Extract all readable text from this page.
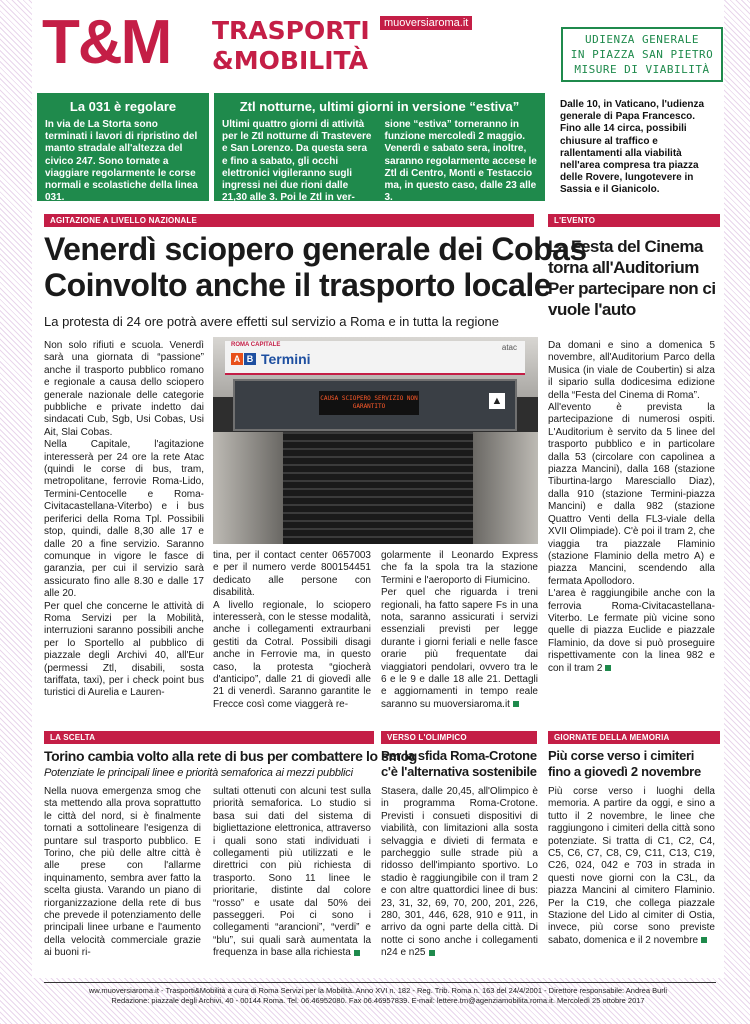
T&M TRASPORTI
&MOBILITÀ
muoversiaroma.it
UDIENZA GENERALE
IN PIAZZA SAN PIETRO
MISURE DI VIABILITÀ
La 031 è regolare
In via de La Storta sono terminati i lavori di ripristino del manto stradale all'altezza del civico 247. Sono tornate a viaggiare regolarmente le corse normali e scolastiche della linea 031.
Ztl notturne, ultimi giorni in versione “estiva”
Ultimi quattro giorni di attività per le Ztl notturne di Trastevere e San Lorenzo. Da questa sera e fino a sabato, gli occhi elettronici vigileranno sugli ingressi nei due rioni dalle 21,30 alle 3. Poi le Ztl in ver-
sione “estiva” torneranno in funzione mercoledì 2 maggio. Venerdì e sabato sera, inoltre, saranno regolarmente accese le Ztl di Centro, Monti e Testaccio ma, in questo caso, dalle 23 alle 3.
Dalle 10, in Vaticano, l'udienza generale di Papa Francesco. Fino alle 14 circa, possibili chiusure al traffico e rallentamenti alla viabilità nell'area compresa tra piazza delle Rovere, lungotevere in Sassia e il Gianicolo.
AGITAZIONE A LIVELLO NAZIONALE
Venerdì sciopero generale dei Cobas
Coinvolto anche il trasporto locale
La protesta di 24 ore potrà avere effetti sul servizio a Roma e in tutta la regione

Non solo rifiuti e scuola. Venerdì sarà una giornata di “passione” anche il trasporto pubblico romano e regionale a causa dello sciopero generale nazionale delle categorie pubbliche e private indetto dai sindacati Cub, Sgb, Usi Cobas, Usi Ait, Slai Cobas.

Nella Capitale, l'agitazione interesserà per 24 ore la rete Atac (quindi le corse di bus, tram, metropolitane, ferrovie Roma-Lido, Termini-Centocelle e Roma-Civitacastellana-Viterbo) e i bus periferici della Roma Tpl. Possibili stop, quindi, dalle 8,30 alle 17 e dalle 20 a fine servizio. Saranno comunque in vigore le fasce di garanzia, per cui il servizio sarà assicurato fino alle 8.30 e dalle 17 alle 20.

Per quel che concerne le attività di Roma Servizi per la Mobilità, interruzioni saranno possibili anche per lo Sportello al pubblico di piazzale degli Archivi 40, all'Eur (permessi Ztl, disabili, sosta tariffata, taxi), per i check point bus turistici di Aurelia e Lauren-

ROMA CAPITALE
A B Termini
atac
CAUSA SCIOPERO SERVIZIO NON GARANTITO	▲

tina, per il contact center 0657003 e per il numero verde 800154451 dedicato alle persone con disabilità.

A livello regionale, lo sciopero interesserà, con le stesse modalità, anche i collegamenti extraurbani gestiti da Cotral. Possibili disagi anche in Ferrovie ma, in questo caso, la protesta “giocherà d'anticipo”, dalle 21 di giovedì alle 21 di venerdì. Saranno garantite le Frecce così come viaggerà re-

golarmente il Leonardo Express che fa la spola tra la stazione Termini e l'aeroporto di Fiumicino.

Per quel che riguarda i treni regionali, ha fatto sapere Fs in una nota, saranno assicurati i servizi essenziali previsti per legge durante i giorni feriali e nelle fasce orarie più frequentate dai viaggiatori pendolari, ovvero tra le 6 e le 9 e dalle 18 alle 21. Dettagli e aggiornamenti in tempo reale saranno su muoversiaroma.it

L'EVENTO
La Festa del Cinema torna all'Auditorium Per partecipare non ci vuole l'auto

Da domani e sino a domenica 5 novembre, all'Auditorium Parco della Musica (in viale de Coubertin) si alza il sipario sulla dodicesima edizione della “Festa del Cinema di Roma”.

All'evento è prevista la partecipazione di numerosi ospiti. L'Auditorium è servito da 5 linee del trasporto pubblico e in particolare dalla 53 (circolare con capolinea a piazza Mancini), dalla 168 (stazione Tiburtina-largo Maresciallo Diaz), dalla 910 (stazione Termini-piazza Mancini) e dalla 982 (stazione Quattro Venti della FL3-viale della XVII Olimpiade). C'è poi il tram 2, che viaggia tra piazzale Flaminio (stazione Flaminio della metro A) e piazza Mancini, scendendo alla fermata Apollodoro.

L'area è raggiungibile anche con la ferrovia Roma-Civitacastellana-Viterbo. Le fermate più vicine sono quelle di piazza Euclide e piazzale Flaminio, da dove si può proseguire rispettivamente con la linea 982 e con il tram 2

LA SCELTA
Torino cambia volto alla rete di bus per combattere lo smog
Potenziate le principali linee e priorità semaforica ai mezzi pubblici
Nella nuova emergenza smog che sta mettendo alla prova soprattutto le città del nord, si è finalmente tornati a sottolineare l'esigenza di puntare sul trasporto pubblico. E Torino, che più delle altre città è alle prese con l'allarme inquinamento, sembra aver fatto la scelta giusta. Varando un piano di riorganizzazione della rete di bus che prevede il potenziamento delle principali linee urbane e l'aumento della velocità commerciale grazie ai buoni ri-
sultati ottenuti con alcuni test sulla priorità semaforica. Lo studio si basa sui dati del sistema di bigliettazione elettronica, attraverso i quali sono stati individuati i collegamenti più utilizzati e le direttrici con più richiesta di trasporto. Sono 11 linee le prioritarie, distinte dal colore “rosso” e usate dal 50% dei passeggeri. Poi ci sono i collegamenti “arancioni”, “verdi” e “blu”, sui quali sarà aumentata la frequenza in base alla richiesta
VERSO L'OLIMPICO
Per la sfida Roma-Crotone c'è l'alternativa sostenibile
Stasera, dalle 20,45, all'Olimpico è in programma Roma-Crotone. Previsti i consueti dispositivi di viabilità, con limitazioni alla sosta selvaggia e divieti di fermata e parcheggio sulle strade più a ridosso dell'impianto sportivo. Lo stadio è raggiungibile con il tram 2 e con altre quattordici linee di bus: 23, 31, 32, 69, 70, 200, 201, 226, 280, 301, 446, 628, 910 e 911, in arrivo da ogni parte della città. Di notte ci sono anche i collegamenti n24 e n25
GIORNATE DELLA MEMORIA
Più corse verso i cimiteri fino a giovedì 2 novembre
Più corse verso i luoghi della memoria. A partire da oggi, e sino a tutto il 2 novembre, le linee che raggiungono i cimiteri della città sono potenziate. Si tratta di C1, C2, C4, C5, C6, C7, C8, C9, C11, C13, C19, C26, 024, 042 e 703 in strada in questi nove giorni con la C3L, da piazza Mancini al cimitero Flaminio. Per la C19, che collega piazzale Stazione del Lido al cimiter di Ostia, invece, più corse sono previste sabato, domenica e il 2 novembre
ww.muoversiaroma.it - Trasporti&Mobilità a cura di Roma Servizi per la Mobilità. Anno XVI n. 182 - Reg. Trib. Roma n. 163 del 24/4/2001 - Direttore responsabile: Andrea Burli
Redazione: piazzale degli Archivi, 40 - 00144 Roma. Tel. 06.46952080. Fax 06.46957839. E-mail: lettere.tm@agenziamobilita.roma.it. Mercoledì 25 ottobre 2017
